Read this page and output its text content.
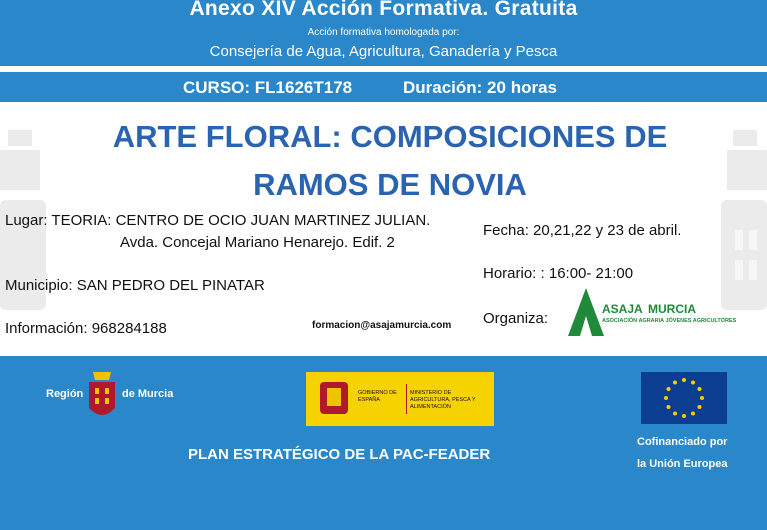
Anexo XIV Acción Formativa. Gratuita
Acción formativa homologada por:
Consejería de Agua, Agricultura, Ganadería y Pesca
CURSO: FL1626T178	Duración: 20 horas
ARTE FLORAL: COMPOSICIONES DE
RAMOS DE NOVIA
Lugar: TEORIA: CENTRO DE OCIO JUAN MARTINEZ JULIAN.
Avda. Concejal Mariano Henarejo. Edif. 2
Municipio: SAN PEDRO DEL PINATAR
Información: 968284188	formacion@asajamurcia.com
Fecha: 20,21,22 y 23 de abril.
Horario: : 16:00- 21:00
Organiza:
ASAJA MURCIA
ASOCIACIÓN AGRARIA JÓVENES AGRICULTORES
Región	de Murcia	GOBIERNO DE ESPAÑA
MINISTERIO DE AGRICULTURA, PESCA Y ALIMENTACIÓN
PLAN ESTRATÉGICO DE LA PAC-FEADER
Cofinanciado por
la Unión Europea
